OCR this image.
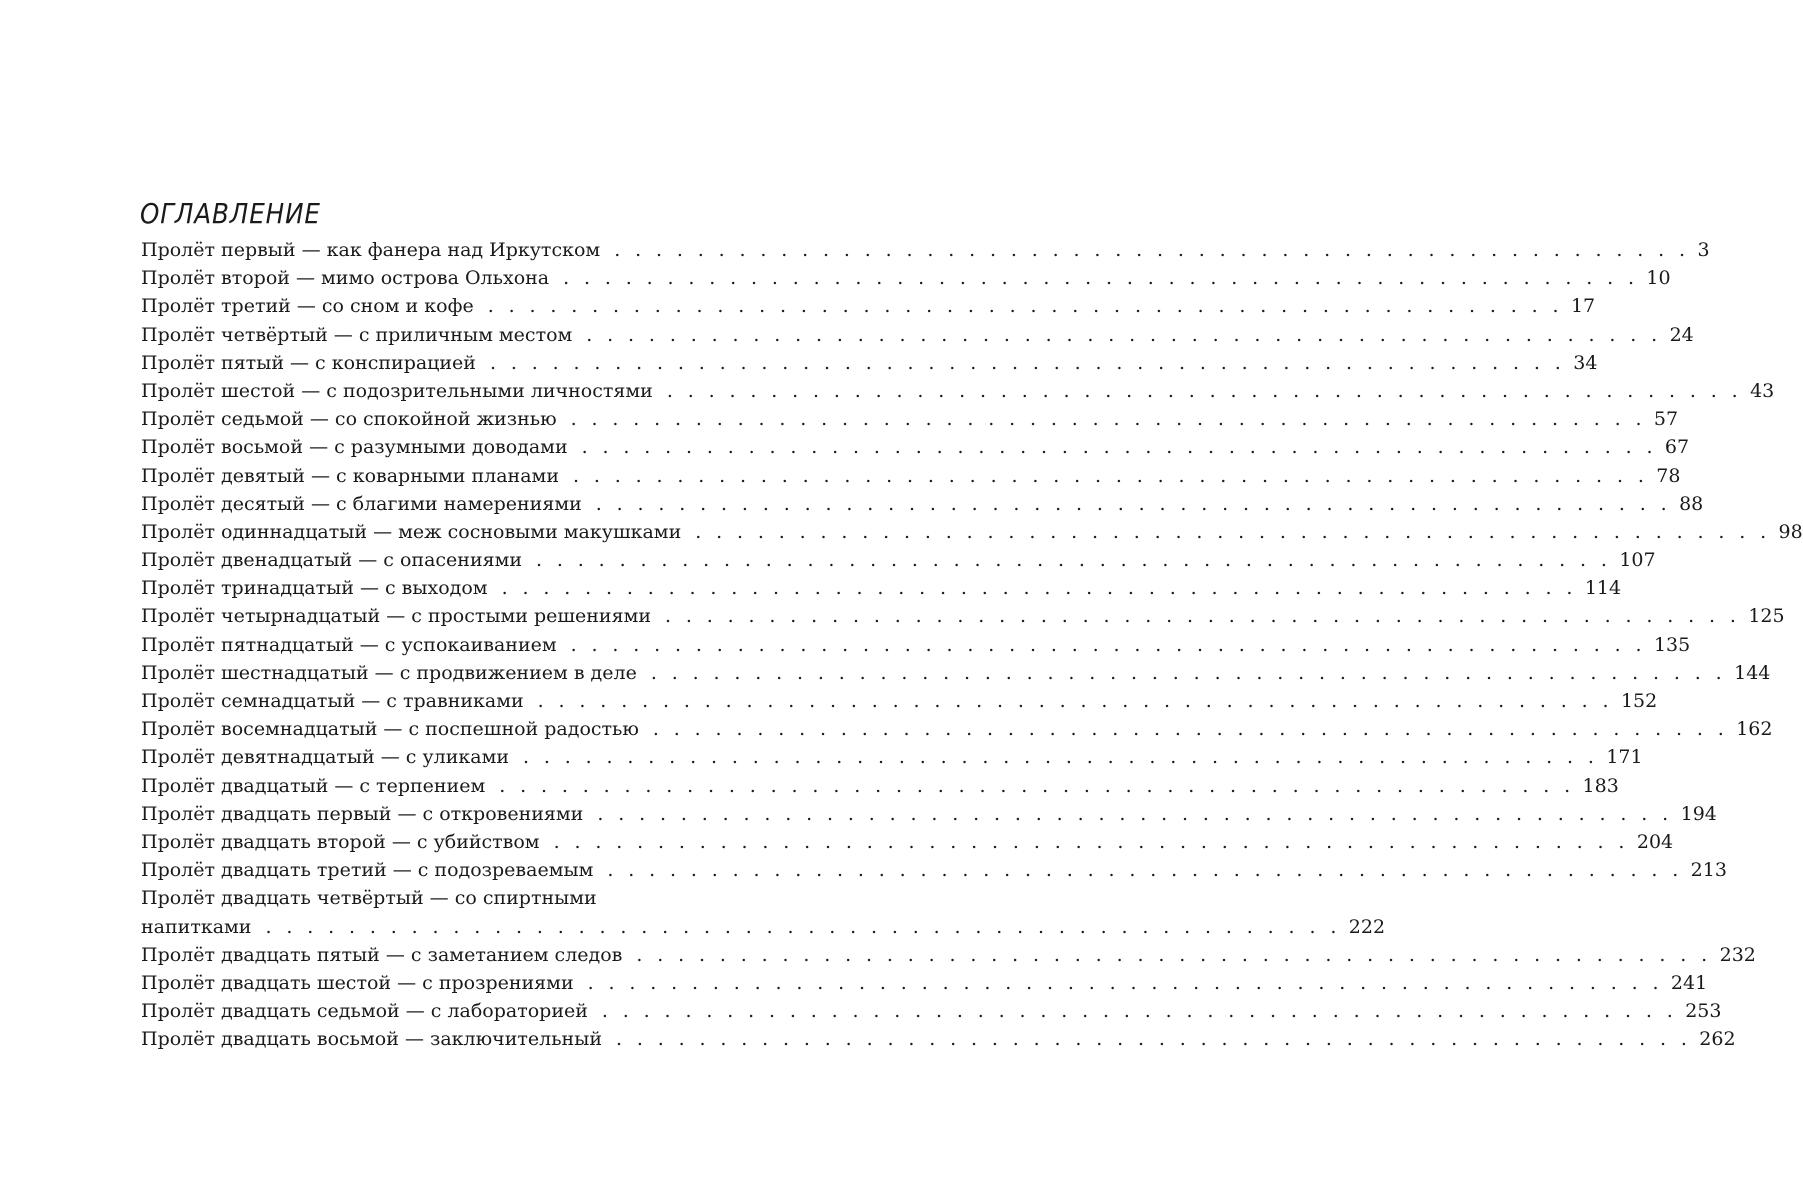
ОГЛАВЛЕНИЕ
Пролёт первый — как фанера над Иркутском . . . . . . . . . . . . . . . . . . . . . . . . . . . . . . . . . . . . . . . . . . . . . . . . . . . . 3
Пролёт второй — мимо острова Ольхона . . . . . . . . . . . . . . . . . . . . . . . . . . . . . . . . . . . . . . . . . . . . . . . . . . . . 10
Пролёт третий — со сном и кофе . . . . . . . . . . . . . . . . . . . . . . . . . . . . . . . . . . . . . . . . . . . . . . . . . . . . 17
Пролёт четвёртый — с приличным местом . . . . . . . . . . . . . . . . . . . . . . . . . . . . . . . . . . . . . . . . . . . . . . . . . . . . 24
Пролёт пятый — с конспирацией . . . . . . . . . . . . . . . . . . . . . . . . . . . . . . . . . . . . . . . . . . . . . . . . . . . . 34
Пролёт шестой — с подозрительными личностями . . . . . . . . . . . . . . . . . . . . . . . . . . . . . . . . . . . . . . . . . . . . . . . . . . . . 43
Пролёт седьмой — со спокойной жизнью . . . . . . . . . . . . . . . . . . . . . . . . . . . . . . . . . . . . . . . . . . . . . . . . . . . . 57
Пролёт восьмой — с разумными доводами . . . . . . . . . . . . . . . . . . . . . . . . . . . . . . . . . . . . . . . . . . . . . . . . . . . . 67
Пролёт девятый — с коварными планами . . . . . . . . . . . . . . . . . . . . . . . . . . . . . . . . . . . . . . . . . . . . . . . . . . . . 78
Пролёт десятый — с благими намерениями . . . . . . . . . . . . . . . . . . . . . . . . . . . . . . . . . . . . . . . . . . . . . . . . . . . . 88
Пролёт одиннадцатый — меж сосновыми макушками . . . . . . . . . . . . . . . . . . . . . . . . . . . . . . . . . . . . . . . . . . . . . . . . . . . . 98
Пролёт двенадцатый — с опасениями . . . . . . . . . . . . . . . . . . . . . . . . . . . . . . . . . . . . . . . . . . . . . . . . . . . . 107
Пролёт тринадцатый — с выходом . . . . . . . . . . . . . . . . . . . . . . . . . . . . . . . . . . . . . . . . . . . . . . . . . . . . 114
Пролёт четырнадцатый — с простыми решениями . . . . . . . . . . . . . . . . . . . . . . . . . . . . . . . . . . . . . . . . . . . . . . . . . . . . 125
Пролёт пятнадцатый — с успокаиванием . . . . . . . . . . . . . . . . . . . . . . . . . . . . . . . . . . . . . . . . . . . . . . . . . . . . 135
Пролёт шестнадцатый — с продвижением в деле . . . . . . . . . . . . . . . . . . . . . . . . . . . . . . . . . . . . . . . . . . . . . . . . . . . . 144
Пролёт семнадцатый — с травниками . . . . . . . . . . . . . . . . . . . . . . . . . . . . . . . . . . . . . . . . . . . . . . . . . . . . 152
Пролёт восемнадцатый — с поспешной радостью . . . . . . . . . . . . . . . . . . . . . . . . . . . . . . . . . . . . . . . . . . . . . . . . . . . . 162
Пролёт девятнадцатый — с уликами . . . . . . . . . . . . . . . . . . . . . . . . . . . . . . . . . . . . . . . . . . . . . . . . . . . . 171
Пролёт двадцатый — с терпением . . . . . . . . . . . . . . . . . . . . . . . . . . . . . . . . . . . . . . . . . . . . . . . . . . . . 183
Пролёт двадцать первый — с откровениями . . . . . . . . . . . . . . . . . . . . . . . . . . . . . . . . . . . . . . . . . . . . . . . . . . . . 194
Пролёт двадцать второй — с убийством . . . . . . . . . . . . . . . . . . . . . . . . . . . . . . . . . . . . . . . . . . . . . . . . . . . . 204
Пролёт двадцать третий — с подозреваемым . . . . . . . . . . . . . . . . . . . . . . . . . . . . . . . . . . . . . . . . . . . . . . . . . . . . 213
Пролёт двадцать четвёртый — со спиртными
напитками . . . . . . . . . . . . . . . . . . . . . . . . . . . . . . . . . . . . . . . . . . . . . . . . . . . . 222
Пролёт двадцать пятый — с заметанием следов . . . . . . . . . . . . . . . . . . . . . . . . . . . . . . . . . . . . . . . . . . . . . . . . . . . . 232
Пролёт двадцать шестой — с прозрениями . . . . . . . . . . . . . . . . . . . . . . . . . . . . . . . . . . . . . . . . . . . . . . . . . . . . 241
Пролёт двадцать седьмой — с лабораторией . . . . . . . . . . . . . . . . . . . . . . . . . . . . . . . . . . . . . . . . . . . . . . . . . . . . 253
Пролёт двадцать восьмой — заключительный . . . . . . . . . . . . . . . . . . . . . . . . . . . . . . . . . . . . . . . . . . . . . . . . . . . . 262
